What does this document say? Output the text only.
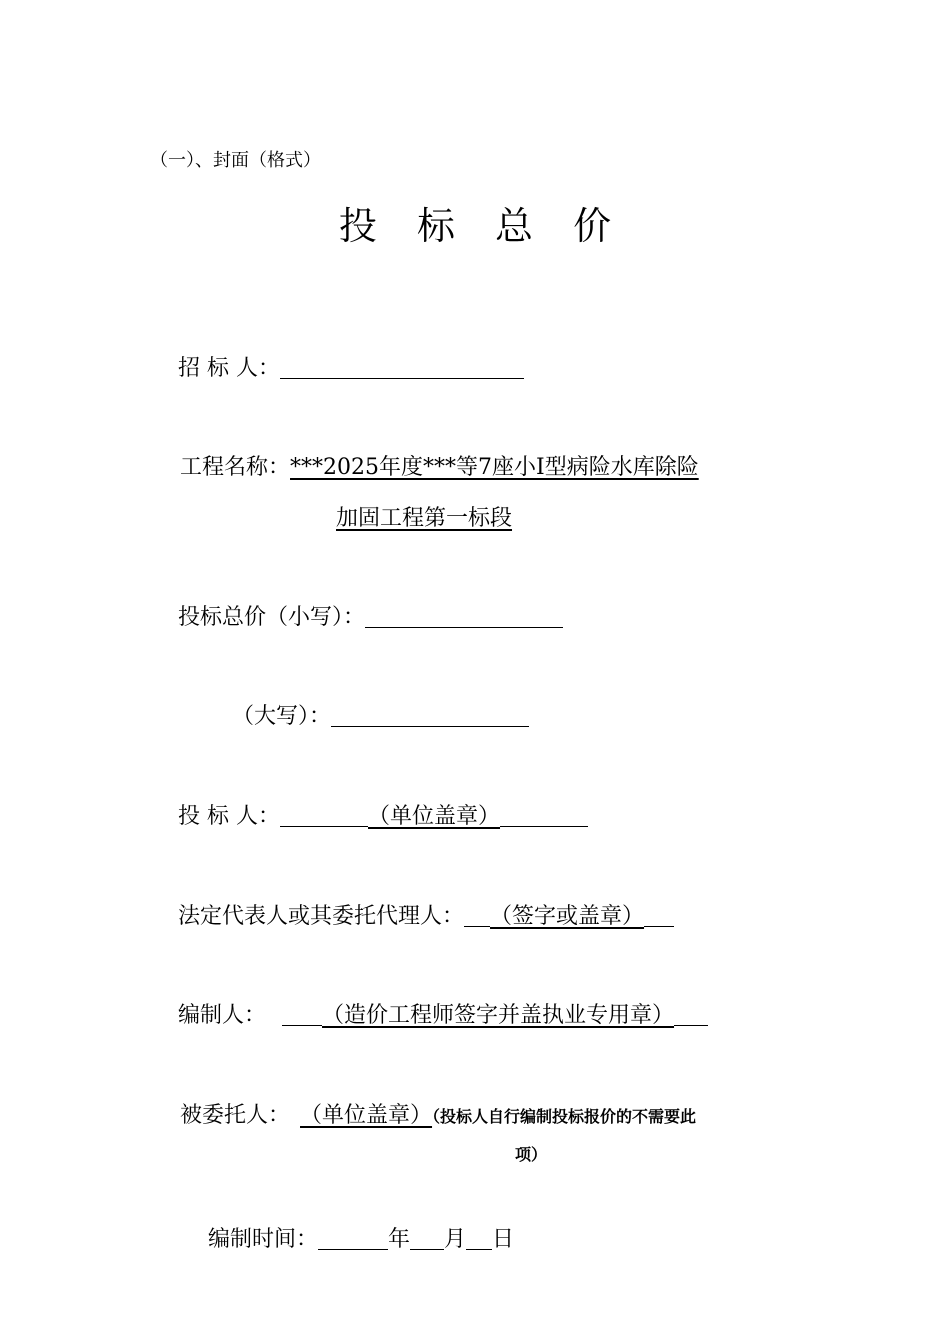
（一）、封面（格式）
投 标 总 价
招 标 人：
工程名称：***2025年度***等7座小Ⅰ型病险水库除险
加固工程第一标段
投标总价（小写）：
（大写）：
投 标 人：	（单位盖章）
法定代表人或其委托代理人： （签字或盖章）
编制人：	（造价工程师签字并盖执业专用章）
被委托人： （单位盖章）（投标人自行编制投标报价的不需要此
项）
编制时间：	年 月 日
